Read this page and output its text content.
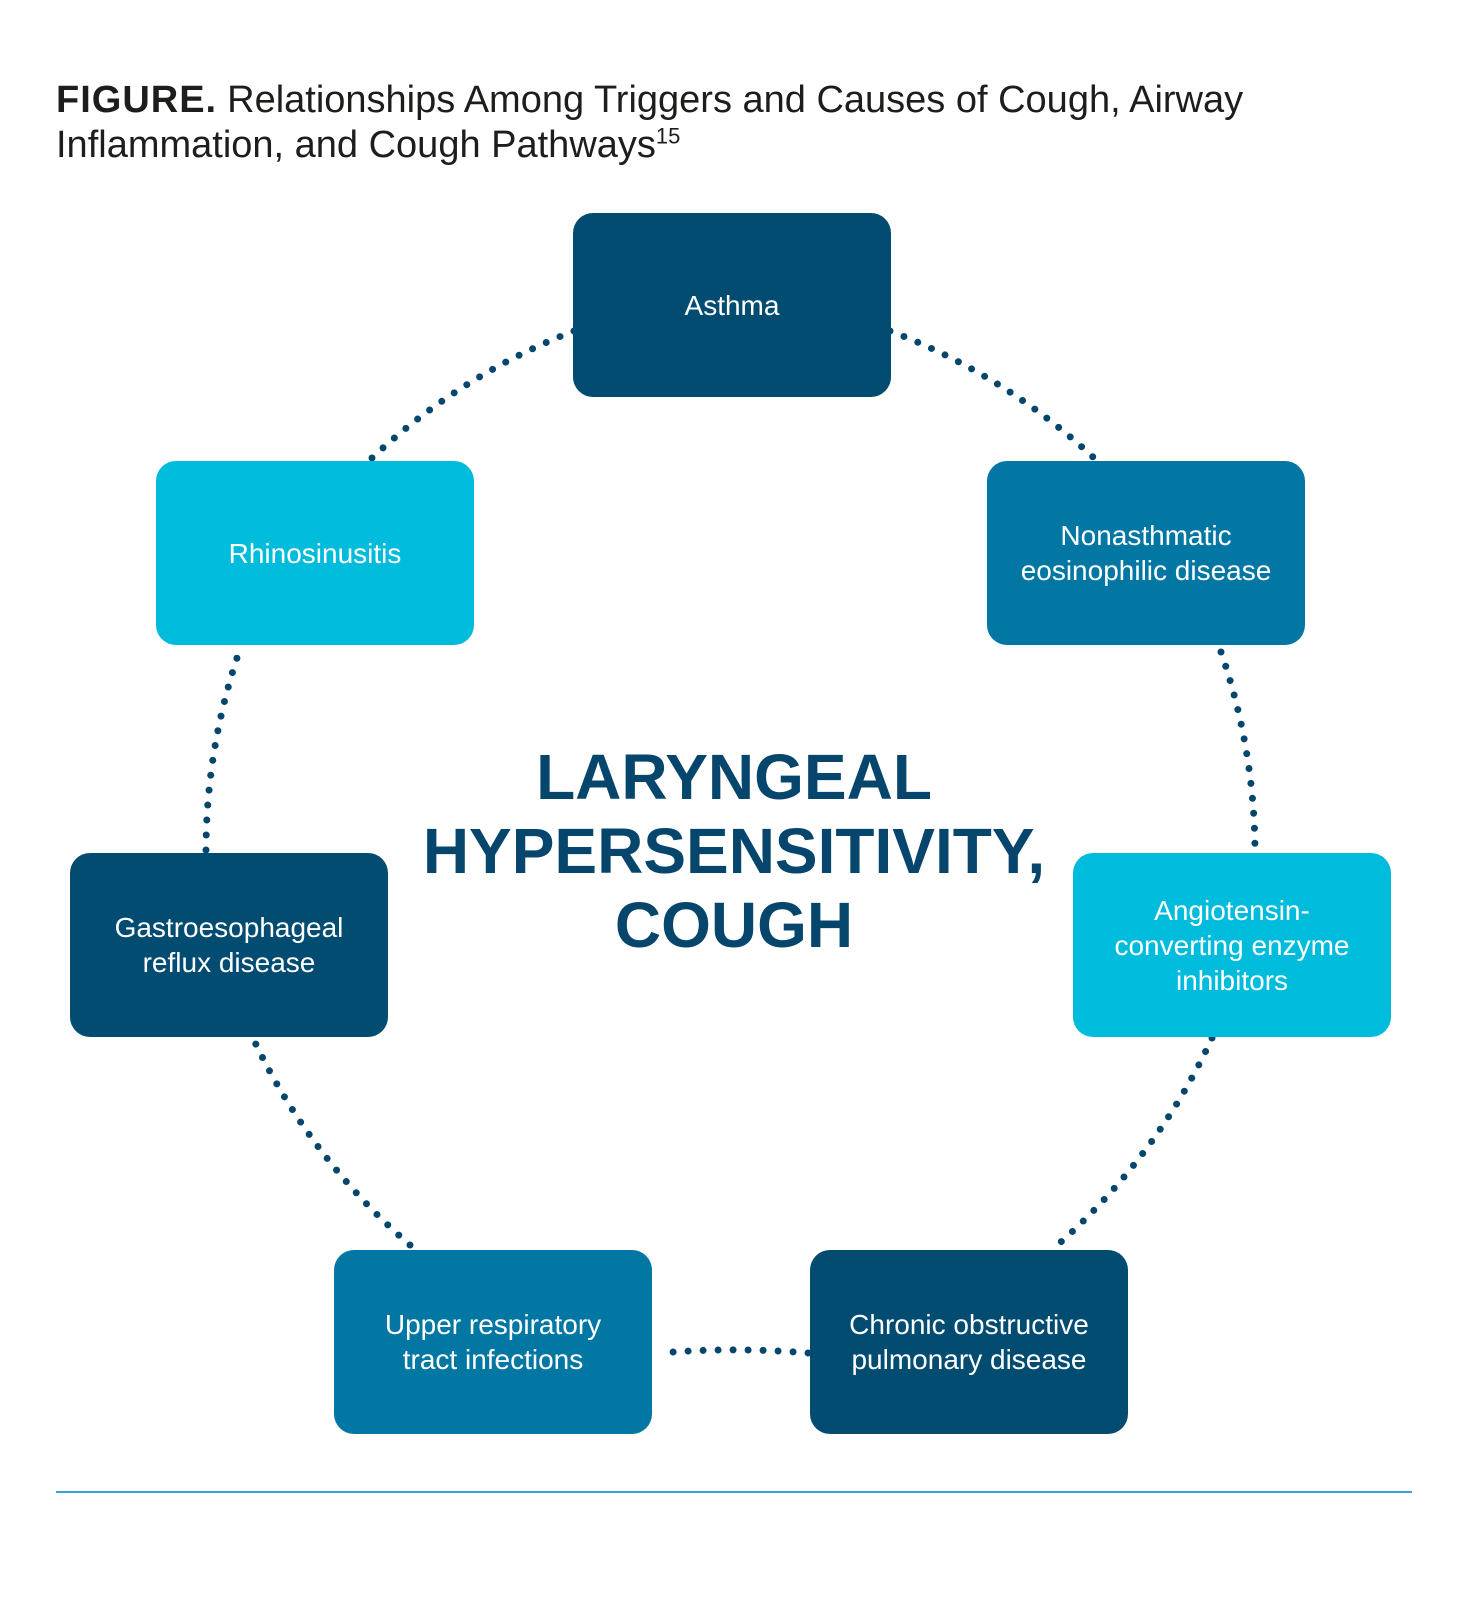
FIGURE. Relationships Among Triggers and Causes of Cough, Airway Inflammation, and Cough Pathways$^{15}$
Asthma
Nonasthmatic eosinophilic disease
Angiotensin-converting enzyme inhibitors
Chronic obstructive pulmonary disease
Upper respiratory tract infections
Gastroesophageal reflux disease
Rhinosinusitis
LARYNGEAL
HYPERSENSITIVITY,
COUGH
